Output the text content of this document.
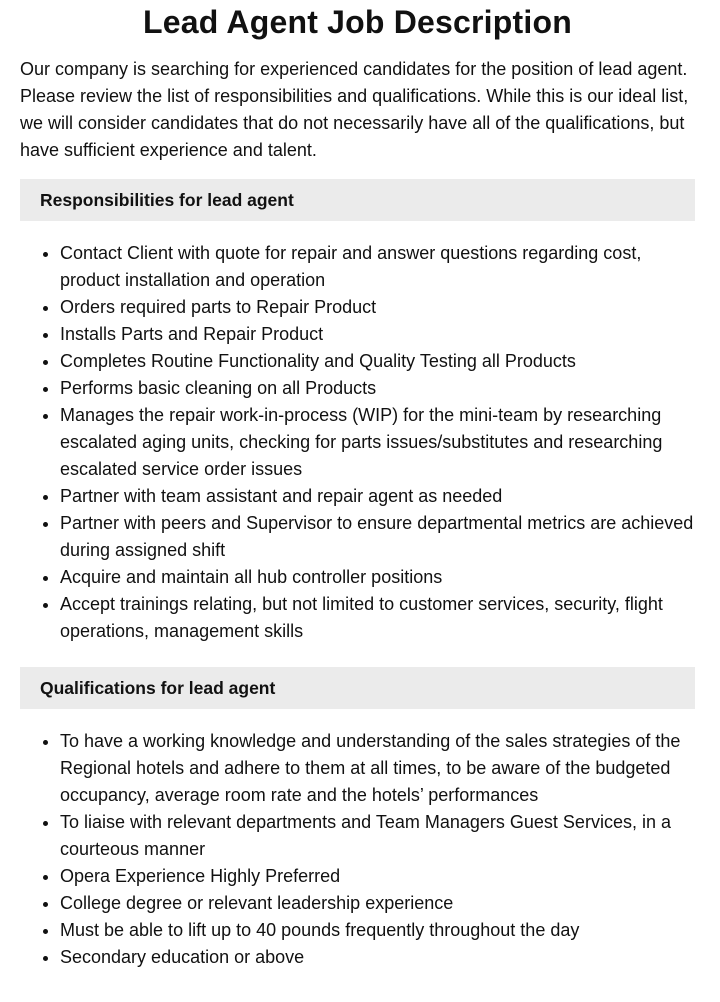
Lead Agent Job Description

Our company is searching for experienced candidates for the position of lead agent. Please review the list of responsibilities and qualifications. While this is our ideal list, we will consider candidates that do not necessarily have all of the qualifications, but have sufficient experience and talent.

Responsibilities for lead agent
• Contact Client with quote for repair and answer questions regarding cost, product installation and operation
• Orders required parts to Repair Product
• Installs Parts and Repair Product
• Completes Routine Functionality and Quality Testing all Products
• Performs basic cleaning on all Products
• Manages the repair work-in-process (WIP) for the mini-team by researching escalated aging units, checking for parts issues/substitutes and researching escalated service order issues
• Partner with team assistant and repair agent as needed
• Partner with peers and Supervisor to ensure departmental metrics are achieved during assigned shift
• Acquire and maintain all hub controller positions
• Accept trainings relating, but not limited to customer services, security, flight operations, management skills
Qualifications for lead agent
• To have a working knowledge and understanding of the sales strategies of the Regional hotels and adhere to them at all times, to be aware of the budgeted occupancy, average room rate and the hotels’ performances
• To liaise with relevant departments and Team Managers Guest Services, in a courteous manner
• Opera Experience Highly Preferred
• College degree or relevant leadership experience
• Must be able to lift up to 40 pounds frequently throughout the day
• Secondary education or above
